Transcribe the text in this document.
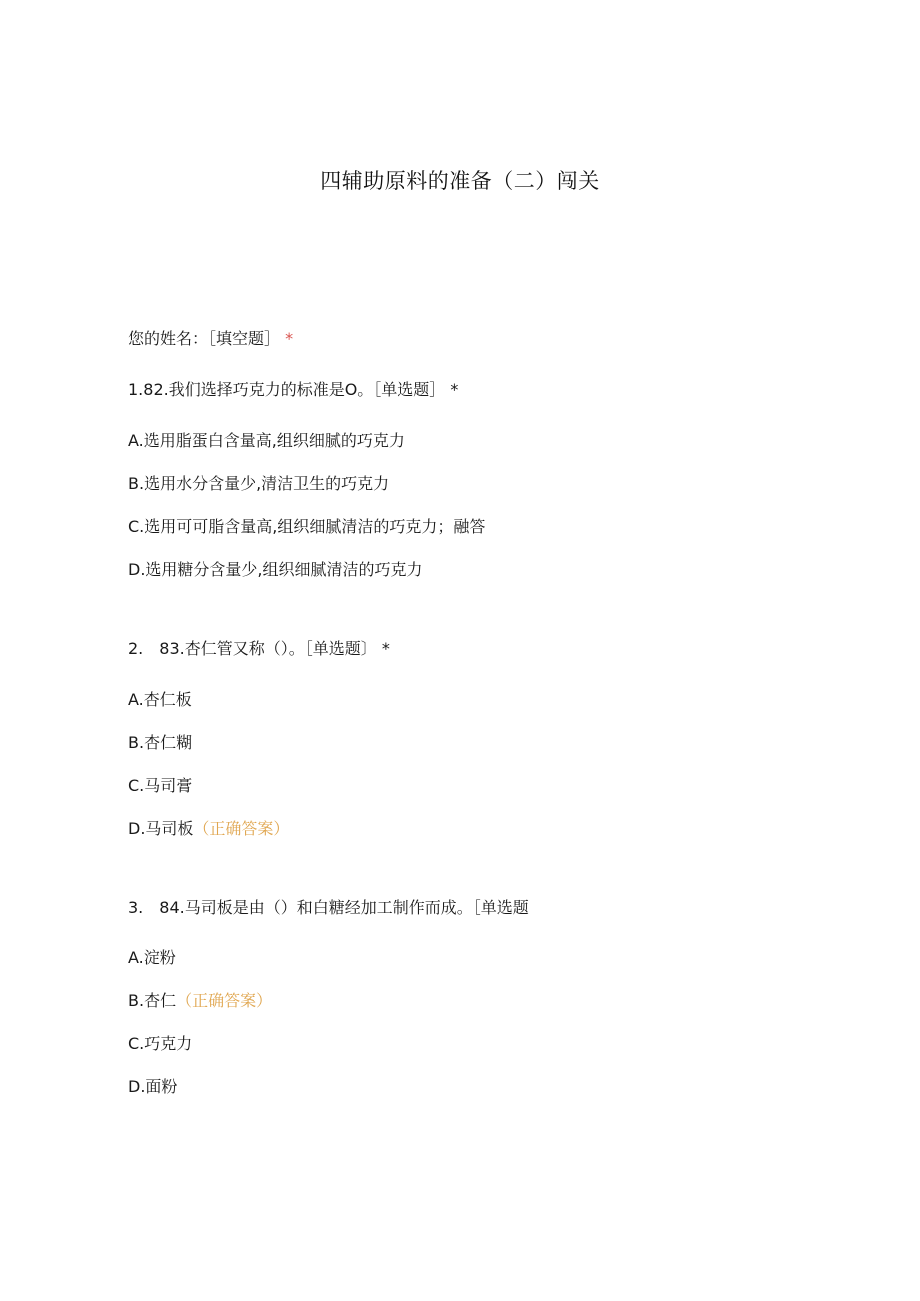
四辅助原料的准备（二）闯关
您的姓名：［填空题］ *
1.82.我们选择巧克力的标准是O。［单选题］ *
A.选用脂蛋白含量高,组织细腻的巧克力
B.选用水分含量少,清洁卫生的巧克力
C.选用可可脂含量高,组织细腻清洁的巧克力；融答
D.选用糖分含量少,组织细腻清洁的巧克力
2. 83.杏仁管又称（）。［单选题〕 *
A.杏仁板
B.杏仁糊
C.马司膏
D.马司板（正确答案）
3. 84.马司板是由（）和白糖经加工制作而成。［单选题
A.淀粉
B.杏仁（正确答案）
C.巧克力
D.面粉
